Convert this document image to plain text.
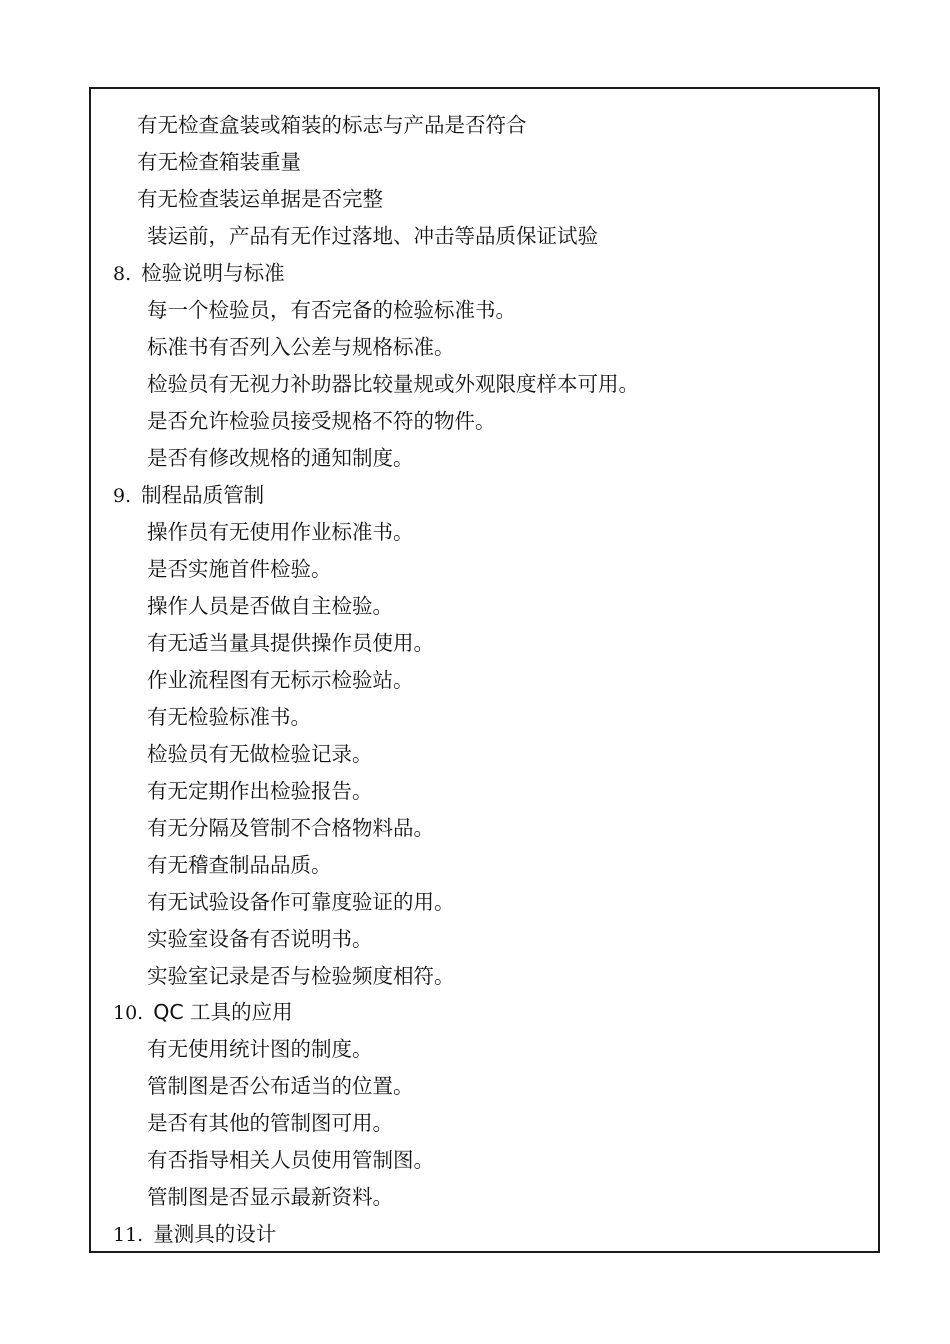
有无检查盒装或箱装的标志与产品是否符合
有无检查箱装重量
有无检查装运单据是否完整
装运前，产品有无作过落地、冲击等品质保证试验
8. 检验说明与标准
每一个检验员，有否完备的检验标准书。
标准书有否列入公差与规格标准。
检验员有无视力补助器比较量规或外观限度样本可用。
是否允许检验员接受规格不符的物件。
是否有修改规格的通知制度。
9. 制程品质管制
操作员有无使用作业标准书。
是否实施首件检验。
操作人员是否做自主检验。
有无适当量具提供操作员使用。
作业流程图有无标示检验站。
有无检验标准书。
检验员有无做检验记录。
有无定期作出检验报告。
有无分隔及管制不合格物料品。
有无稽查制品品质。
有无试验设备作可靠度验证的用。
实验室设备有否说明书。
实验室记录是否与检验频度相符。
10. QC 工具的应用
有无使用统计图的制度。
管制图是否公布适当的位置。
是否有其他的管制图可用。
有否指导相关人员使用管制图。
管制图是否显示最新资料。
11. 量测具的设计
